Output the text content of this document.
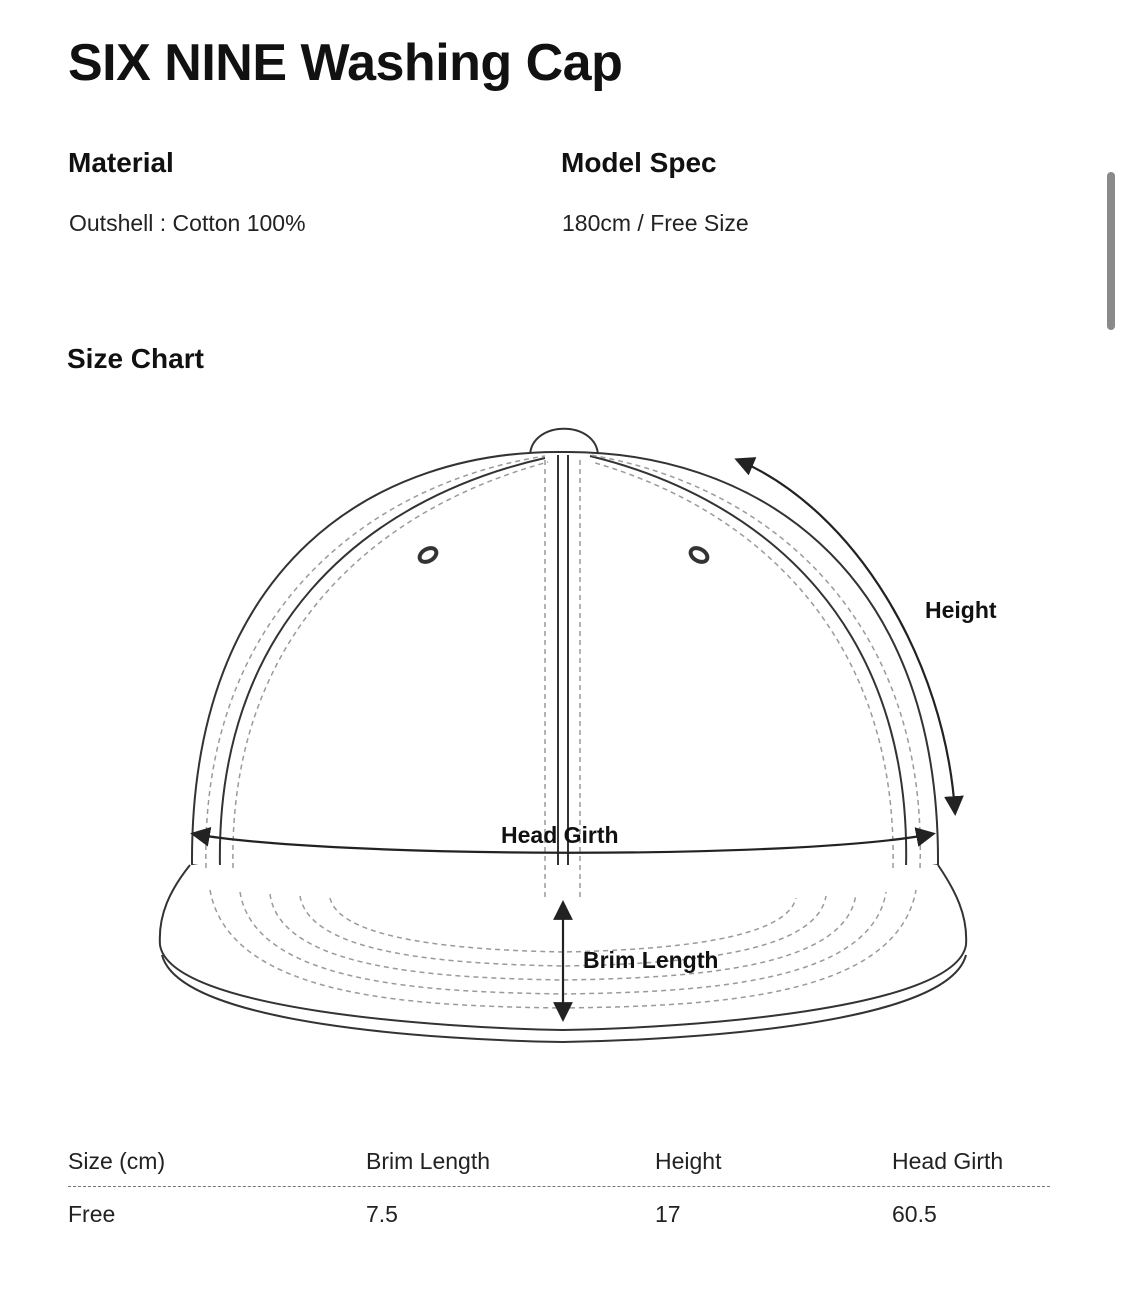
SIX NINE Washing Cap
Material

Outshell : Cotton 100%

Model Spec

180cm / Free Size

Size Chart
Height
Head Girth
Brim Length
Size (cm)	Brim Length	Height	Head Girth
Free	7.5	17	60.5
